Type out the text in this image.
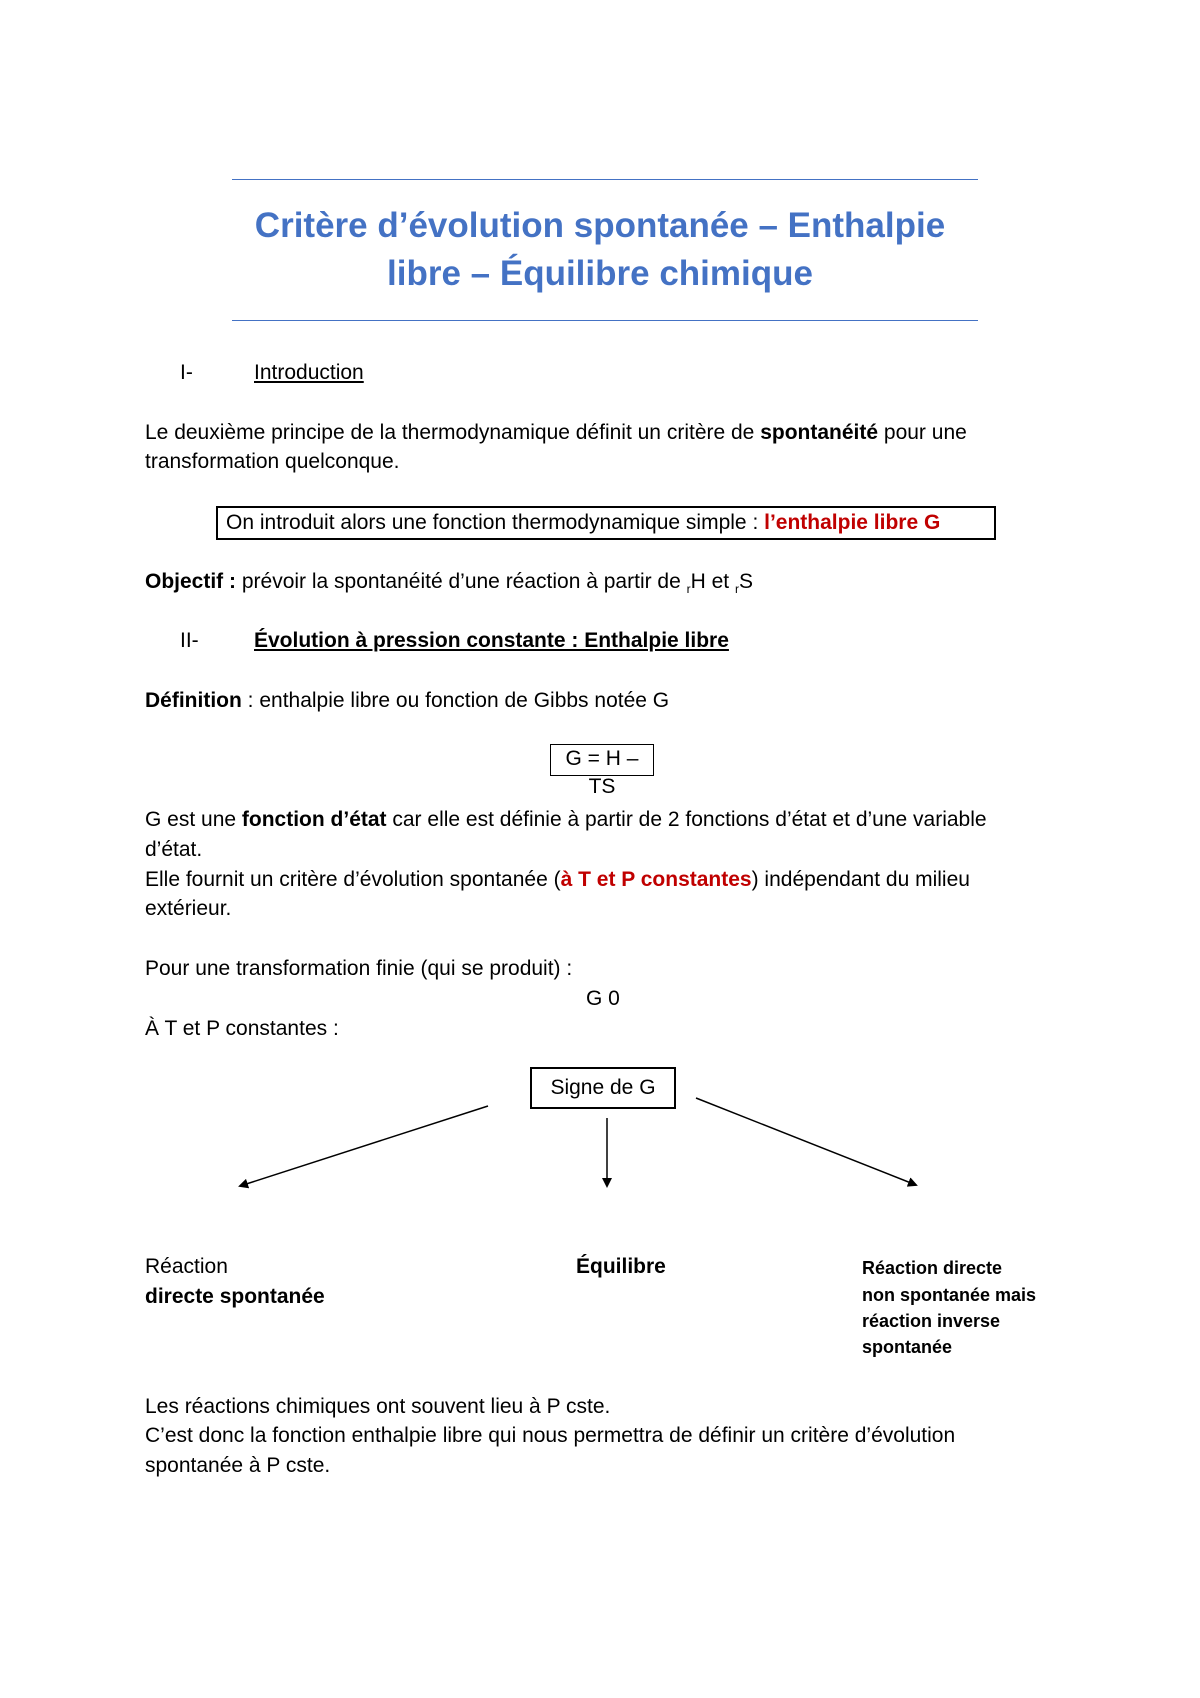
Critère d’évolution spontanée – Enthalpie
libre – Équilibre chimique
I-	Introduction
Le deuxième principe de la thermodynamique définit un critère de spontanéité pour une
transformation quelconque.
On introduit alors une fonction thermodynamique simple : l’enthalpie libre G
Objectif : prévoir la spontanéité d’une réaction à partir de $_r$H et $_r$S
II-	Évolution à pression constante : Enthalpie libre
Définition : enthalpie libre ou fonction de Gibbs notée G
G = H – TS
G est une fonction d’état car elle est définie à partir de 2 fonctions d’état et d’une variable
d’état.
Elle fournit un critère d’évolution spontanée (à T et P constantes) indépendant du milieu
extérieur.
Pour une transformation finie (qui se produit) :
G 0
À T et P constantes :
Signe de G
Réaction
directe spontanée
Équilibre	Réaction directe
non spontanée mais
réaction inverse
spontanée
Les réactions chimiques ont souvent lieu à P cste.
C’est donc la fonction enthalpie libre qui nous permettra de définir un critère d’évolution
spontanée à P cste.
